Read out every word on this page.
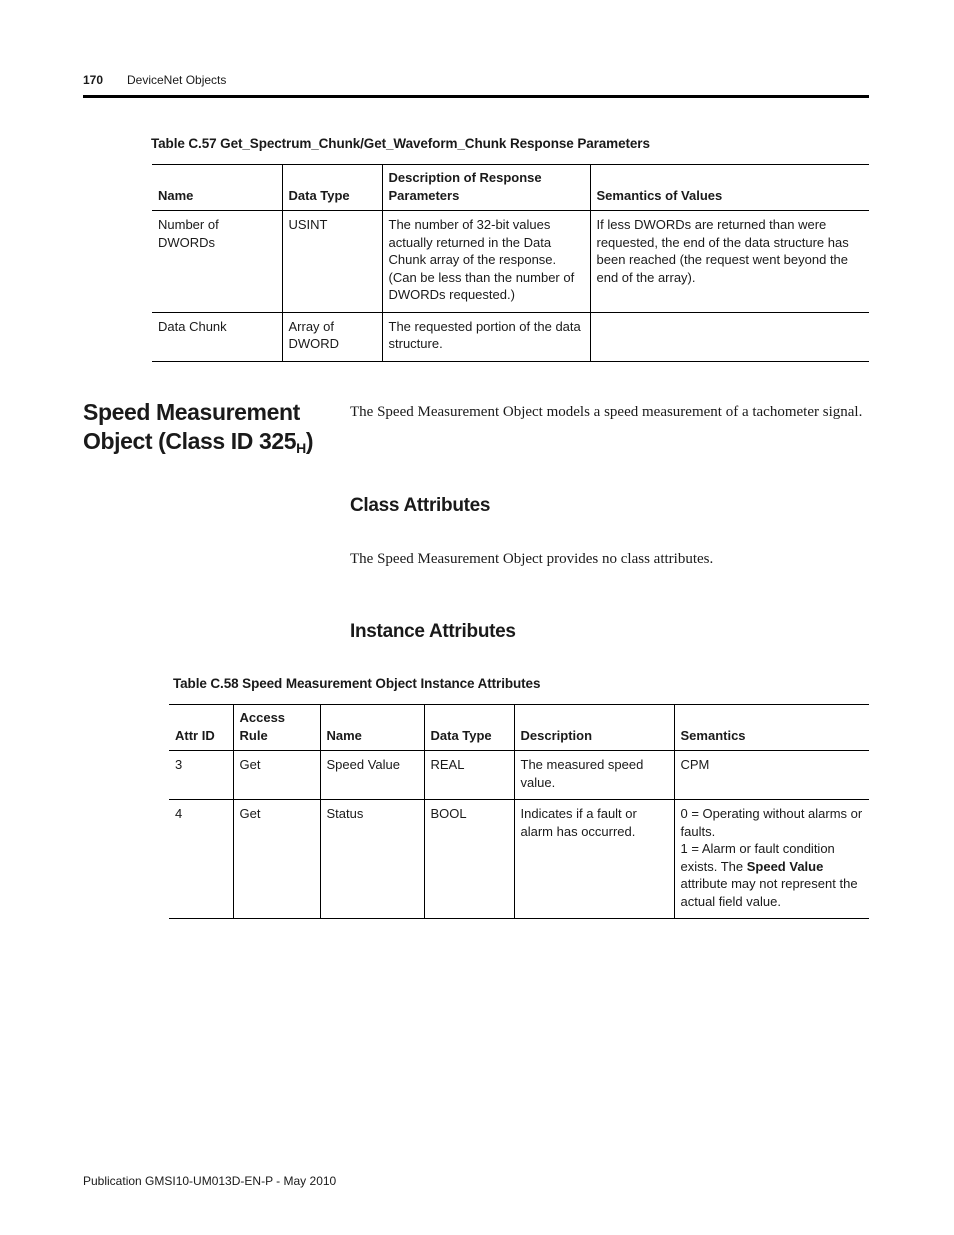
170 DeviceNet Objects
Table C.57 Get_Spectrum_Chunk/Get_Waveform_Chunk Response Parameters
Name	Data Type	Description of Response Parameters	Semantics of Values
Number of DWORDs	USINT	The number of 32-bit values actually returned in the Data Chunk array of the response. (Can be less than the number of DWORDs requested.)	If less DWORDs are returned than were requested, the end of the data structure has been reached (the request went beyond the end of the array).
Data Chunk	Array of DWORD	The requested portion of the data structure.	
Speed Measurement Object (Class ID $325_H$)
The Speed Measurement Object models a speed measurement of a tachometer signal.
Class Attributes
The Speed Measurement Object provides no class attributes.
Instance Attributes
Table C.58 Speed Measurement Object Instance Attributes
Attr ID	Access Rule	Name	Data Type	Description	Semantics
3	Get	Speed Value	REAL	The measured speed value.	CPM
4	Get	Status	BOOL	Indicates if a fault or alarm has occurred.	0 = Operating without alarms or faults.
1 = Alarm or fault condition exists. The Speed Value attribute may not represent the actual field value.
Publication GMSI10-UM013D-EN-P - May 2010
